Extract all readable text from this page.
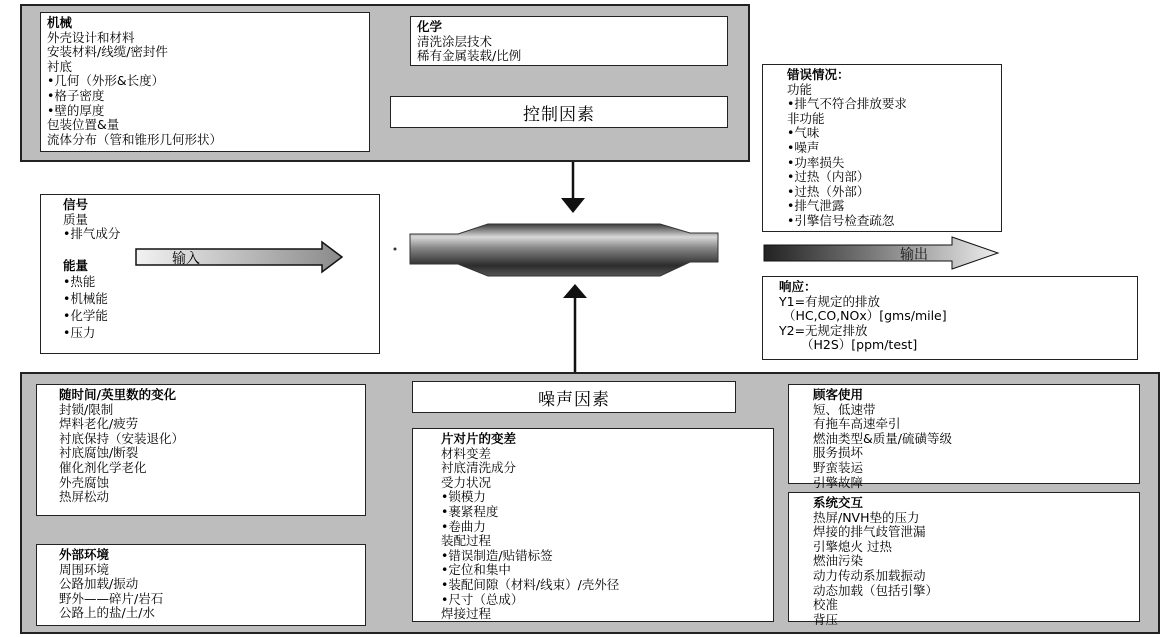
机械
外壳设计和材料
安装材料/线缆/密封件
衬底
•几何（外形&长度）
•格子密度
•壁的厚度
包装位置&量
流体分布（管和锥形几何形状）
化学
清洗涂层技术
稀有金属装载/比例
控制因素
信号
质量
•排气成分
能量
•热能
•机械能
•化学能
•压力
错误情况：
功能
•排气不符合排放要求
非功能
•气味
•噪声
•功率损失
•过热（内部）
•过热（外部）
•排气泄露
•引擎信号检查疏忽
响应：
Y1=有规定的排放
（HC,CO,NOx）[gms/mile]
Y2=无规定排放
（H2S）[ppm/test]
输入	输出
噪声因素
随时间/英里数的变化
封锁/限制
焊料老化/疲劳
衬底保持（安装退化）
衬底腐蚀/断裂
催化剂化学老化
外壳腐蚀
热屏松动
外部环境
周围环境
公路加载/振动
野外——碎片/岩石
公路上的盐/土/水
片对片的变差
材料变差
衬底清洗成分
受力状况
•锁模力
•裹紧程度
•卷曲力
装配过程
•错误制造/贴错标签
•定位和集中
•装配间隙（材料/线束）/壳外径
•尺寸（总成）
焊接过程
顾客使用
短、低速带
有拖车高速牵引
燃油类型&质量/硫磺等级
服务损坏
野蛮装运
引擎故障
系统交互
热屏/NVH垫的压力
焊接的排气歧管泄漏
引擎熄火 过热
燃油污染
动力传动系加载振动
动态加载（包括引擎）
校准
背压
